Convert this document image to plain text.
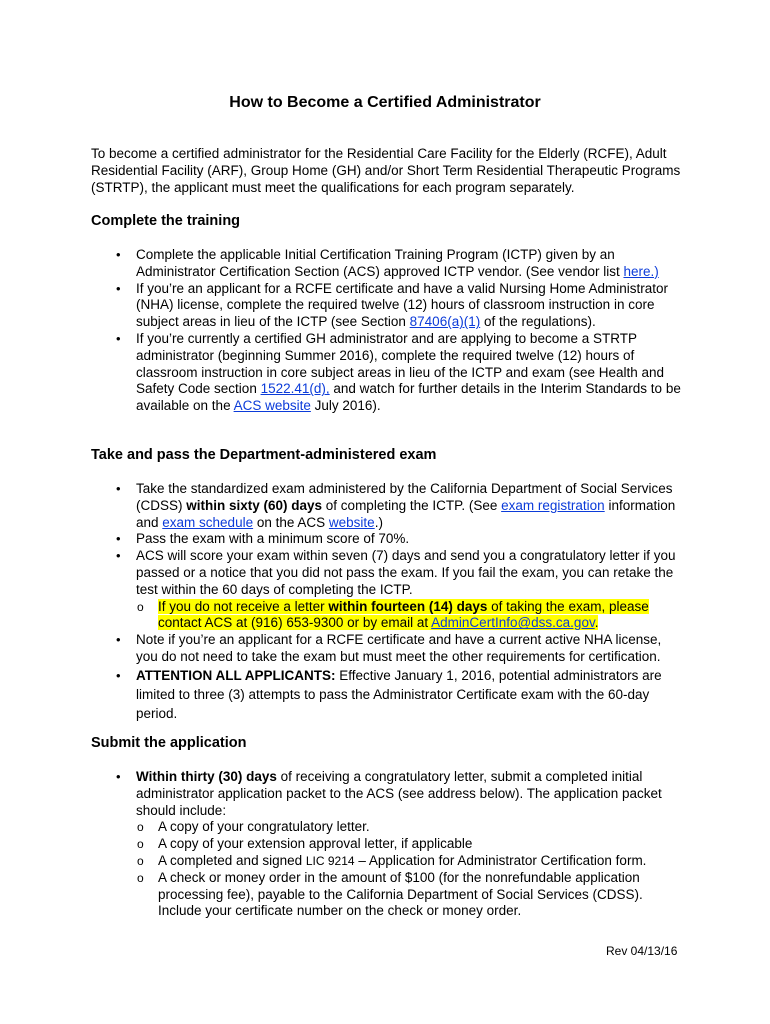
How to Become a Certified Administrator
To become a certified administrator for the Residential Care Facility for the Elderly (RCFE), Adult Residential Facility (ARF), Group Home (GH) and/or Short Term Residential Therapeutic Programs (STRTP), the applicant must meet the qualifications for each program separately.
Complete the training
• Complete the applicable Initial Certification Training Program (ICTP) given by an Administrator Certification Section (ACS) approved ICTP vendor. (See vendor list here.)
• If you’re an applicant for a RCFE certificate and have a valid Nursing Home Administrator (NHA) license, complete the required twelve (12) hours of classroom instruction in core subject areas in lieu of the ICTP (see Section 87406(a)(1) of the regulations).
• If you’re currently a certified GH administrator and are applying to become a STRTP administrator (beginning Summer 2016), complete the required twelve (12) hours of classroom instruction in core subject areas in lieu of the ICTP and exam (see Health and Safety Code section 1522.41(d), and watch for further details in the Interim Standards to be available on the ACS website July 2016).
Take and pass the Department-administered exam
• Take the standardized exam administered by the California Department of Social Services (CDSS) within sixty (60) days of completing the ICTP. (See exam registration information and exam schedule on the ACS website.)
• Pass the exam with a minimum score of 70%.
• ACS will score your exam within seven (7) days and send you a congratulatory letter if you passed or a notice that you did not pass the exam. If you fail the exam, you can retake the test within the 60 days of completing the ICTP.
o If you do not receive a letter within fourteen (14) days of taking the exam, please contact ACS at (916) 653-9300 or by email at AdminCertInfo@dss.ca.gov.
• Note if you’re an applicant for a RCFE certificate and have a current active NHA license, you do not need to take the exam but must meet the other requirements for certification.
• ATTENTION ALL APPLICANTS: Effective January 1, 2016, potential administrators are limited to three (3) attempts to pass the Administrator Certificate exam with the 60-day period.
Submit the application
• Within thirty (30) days of receiving a congratulatory letter, submit a completed initial administrator application packet to the ACS (see address below). The application packet should include:
o A copy of your congratulatory letter.
o A copy of your extension approval letter, if applicable
o A completed and signed LIC 9214 – Application for Administrator Certification form.
o A check or money order in the amount of $100 (for the nonrefundable application processing fee), payable to the California Department of Social Services (CDSS). Include your certificate number on the check or money order.
Rev 04/13/16
